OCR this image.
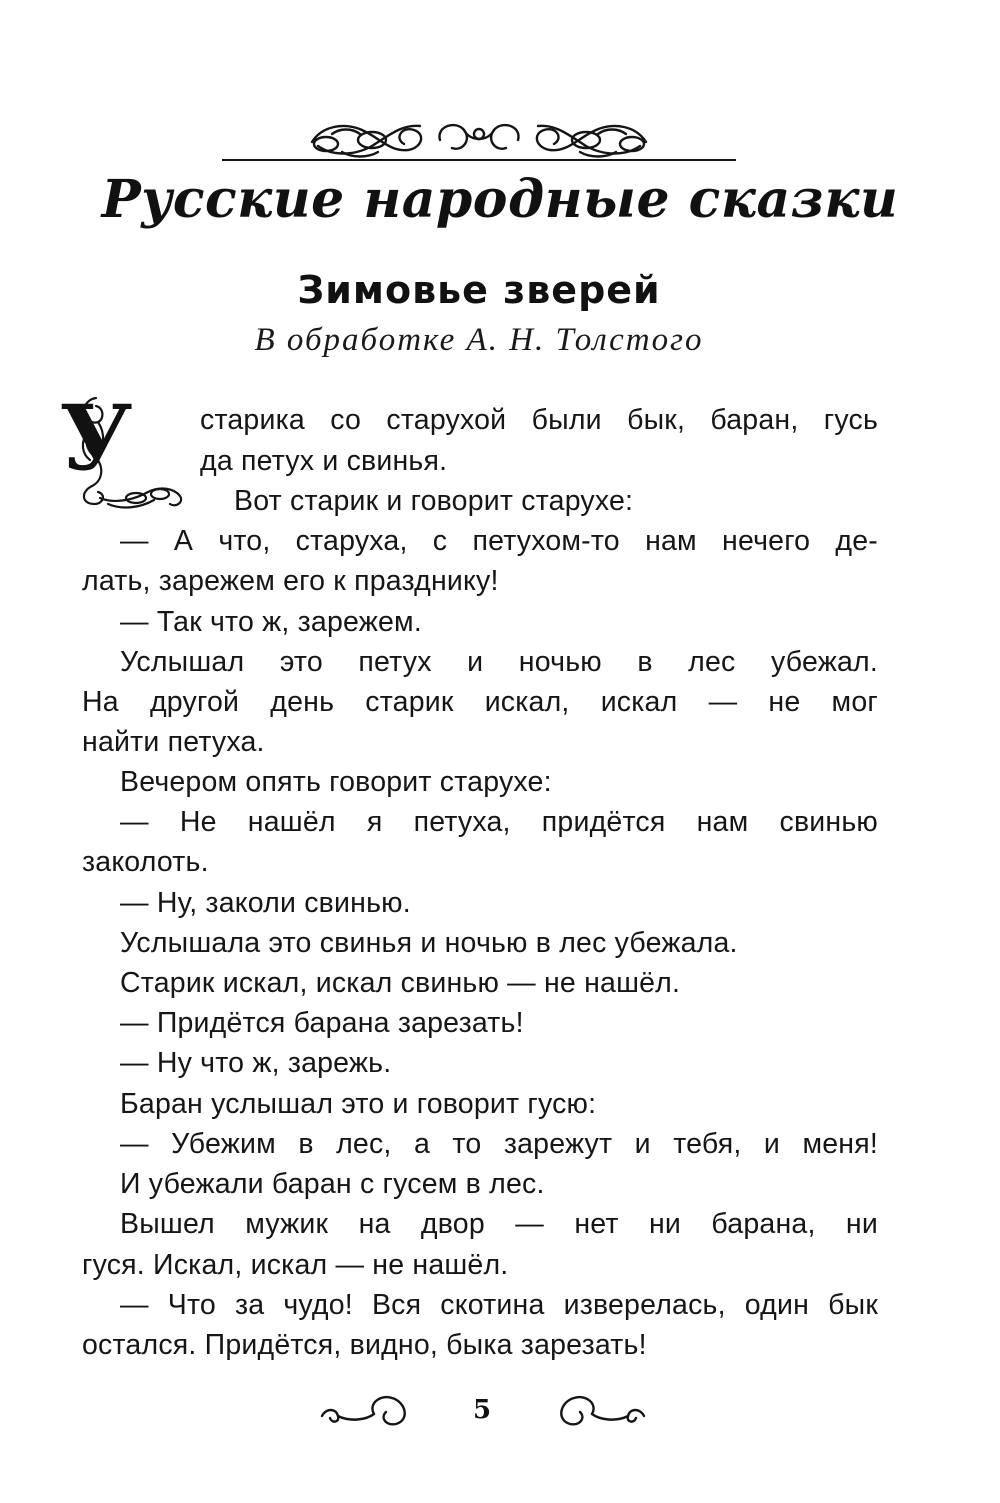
Русские народные сказки
Зимовье зверей

В обработке А. Н. Толстого

У	старика со старухой были бык, баран, гусь

да петух и свинья.

Вот старик и говорит старухе:

— А что, старуха, с петухом-то нам нечего де-

лать, зарежем его к празднику!

— Так что ж, зарежем.

Услышал это петух и ночью в лес убежал.

На другой день старик искал, искал — не мог

найти петуха.

Вечером опять говорит старухе:

— Не нашёл я петуха, придётся нам свинью

заколоть.

— Ну, заколи свинью.

Услышала это свинья и ночью в лес убежала.

Старик искал, искал свинью — не нашёл.

— Придётся барана зарезать!

— Ну что ж, зарежь.

Баран услышал это и говорит гусю:

— Убежим в лес, а то зарежут и тебя, и меня!

И убежали баран с гусем в лес.

Вышел мужик на двор — нет ни барана, ни

гуся. Искал, искал — не нашёл.

— Что за чудо! Вся скотина изверелась, один бык

остался. Придётся, видно, быка зарезать!

5
